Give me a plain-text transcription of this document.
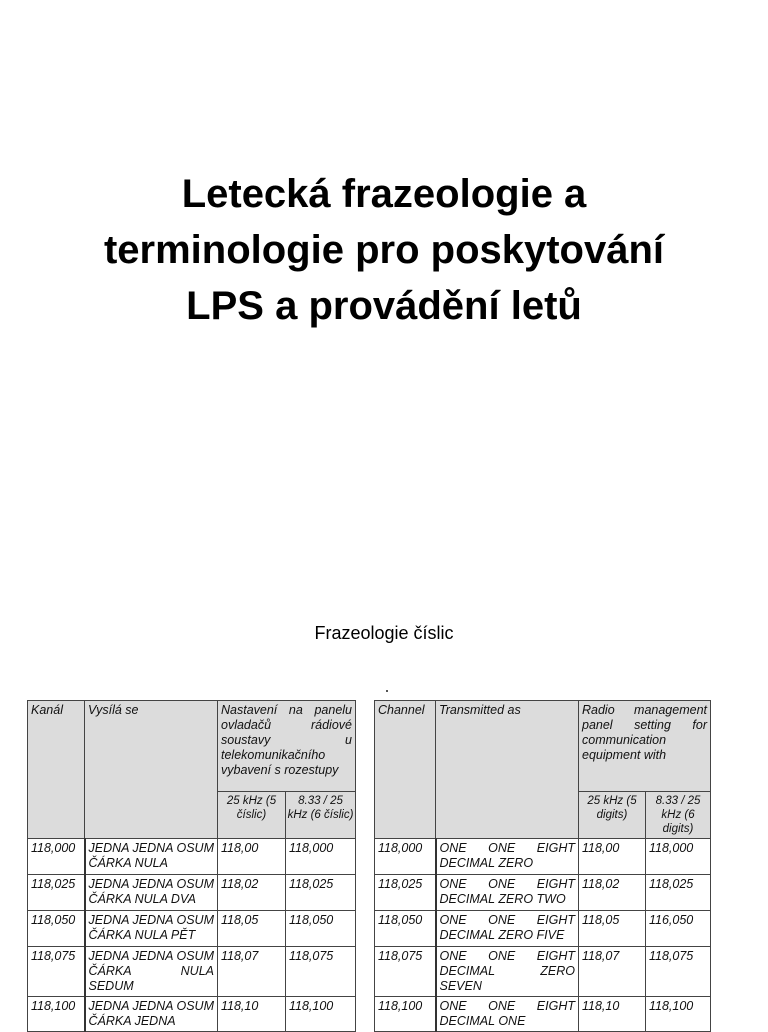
Letecká frazeologie a
terminologie pro poskytování
LPS a provádění letů
Frazeologie číslic
Kanál	Vysílá se	Nastavení na panelu ovladačů rádiové soustavy u telekomunikačního vybavení s rozestupy	
		25 kHz (5 číslic)	8.33 / 25 kHz (6 číslic)
118,000	JEDNA JEDNA OSUM ČÁRKA NULA	118,00	118,000
118,025	JEDNA JEDNA OSUM ČÁRKA NULA DVA	118,02	118,025
118,050	JEDNA JEDNA OSUM ČÁRKA NULA PĚT	118,05	118,050
118,075	JEDNA JEDNA OSUM ČÁRKA NULA SEDUM	118,07	118,075
118,100	JEDNA JEDNA OSUM ČÁRKA JEDNA	118,10	118,100
Channel	Transmitted as	Radio management panel setting for communication equipment with	
		25 kHz (5 digits)	8.33 / 25 kHz (6 digits)
118,000	ONE ONE EIGHT DECIMAL ZERO	118,00	118,000
118,025	ONE ONE EIGHT DECIMAL ZERO TWO	118,02	118,025
118,050	ONE ONE EIGHT DECIMAL ZERO FIVE	118,05	116,050
118,075	ONE ONE EIGHT DECIMAL ZERO SEVEN	118,07	118,075
118,100	ONE ONE EIGHT DECIMAL ONE	118,10	118,100
